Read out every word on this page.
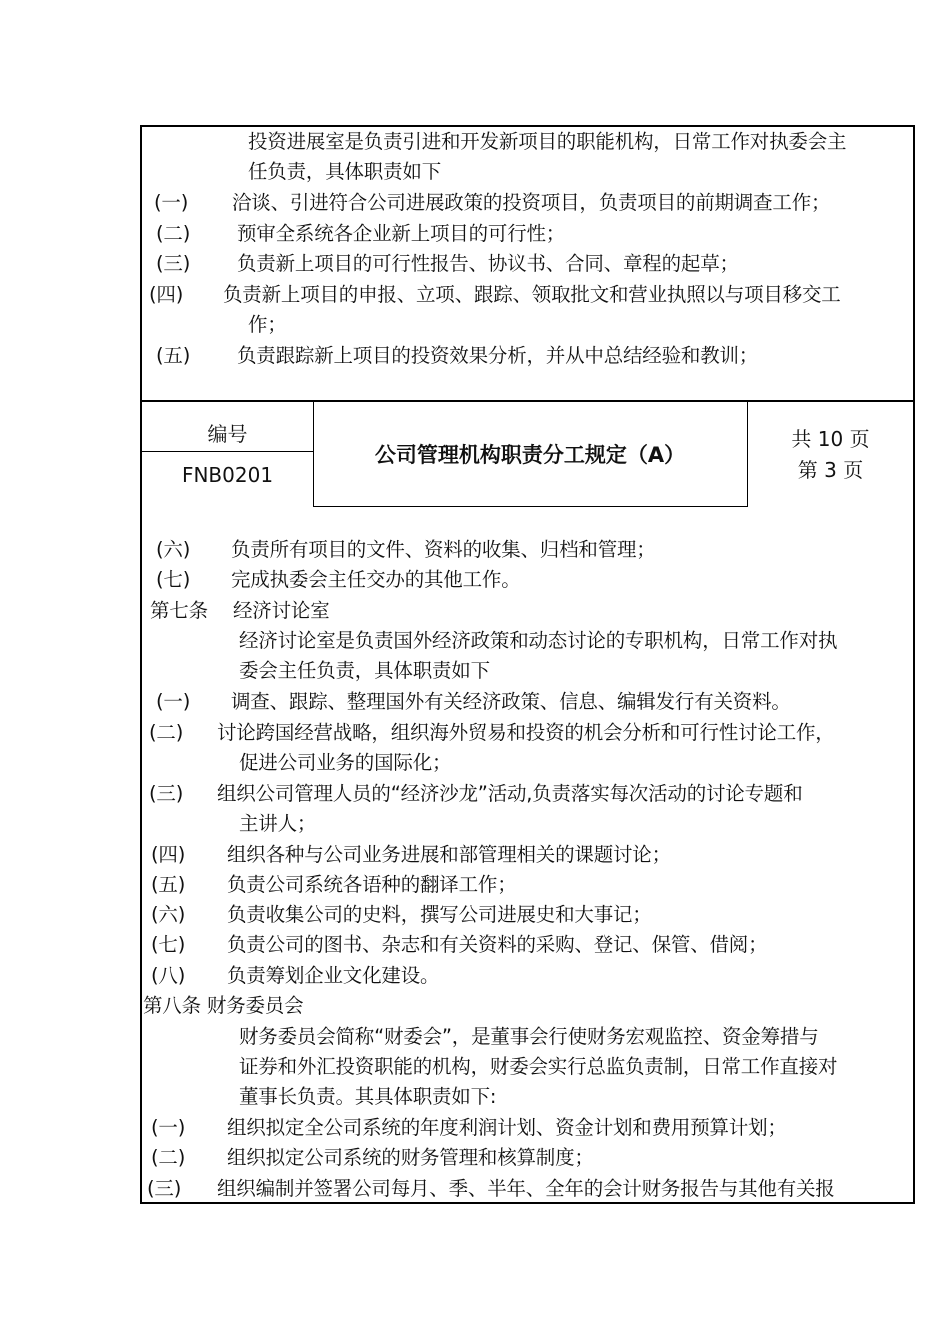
编号
FNB0201
公司管理机构职责分工规定（A）
共 10 页
第 3 页
投资进展室是负责引进和开发新项目的职能机构，日常工作对执委会主
任负责，具体职责如下
(一) 洽谈、引进符合公司进展政策的投资项目，负责项目的前期调查工作；
(二) 预审全系统各企业新上项目的可行性；
(三) 负责新上项目的可行性报告、协议书、合同、章程的起草；
(四) 负责新上项目的申报、立项、跟踪、领取批文和营业执照以与项目移交工
作；
(五) 负责跟踪新上项目的投资效果分析，并从中总结经验和教训；
(六) 负责所有项目的文件、资料的收集、归档和管理；
(七) 完成执委会主任交办的其他工作。
第七条 经济讨论室
经济讨论室是负责国外经济政策和动态讨论的专职机构，日常工作对执
委会主任负责，具体职责如下
(一) 调查、跟踪、整理国外有关经济政策、信息、编辑发行有关资料。
(二) 讨论跨国经营战略，组织海外贸易和投资的机会分析和可行性讨论工作，
促进公司业务的国际化；
(三) 组织公司管理人员的“经济沙龙”活动,负责落实每次活动的讨论专题和
主讲人；
(四) 组织各种与公司业务进展和部管理相关的课题讨论；
(五) 负责公司系统各语种的翻译工作；
(六) 负责收集公司的史料，撰写公司进展史和大事记；
(七) 负责公司的图书、杂志和有关资料的采购、登记、保管、借阅；
(八) 负责筹划企业文化建设。
第八条 财务委员会
财务委员会简称“财委会”，是董事会行使财务宏观监控、资金筹措与
证券和外汇投资职能的机构，财委会实行总监负责制，日常工作直接对
董事长负责。其具体职责如下:
(一) 组织拟定全公司系统的年度利润计划、资金计划和费用预算计划；
(二) 组织拟定公司系统的财务管理和核算制度；
(三) 组织编制并签署公司每月、季、半年、全年的会计财务报告与其他有关报
